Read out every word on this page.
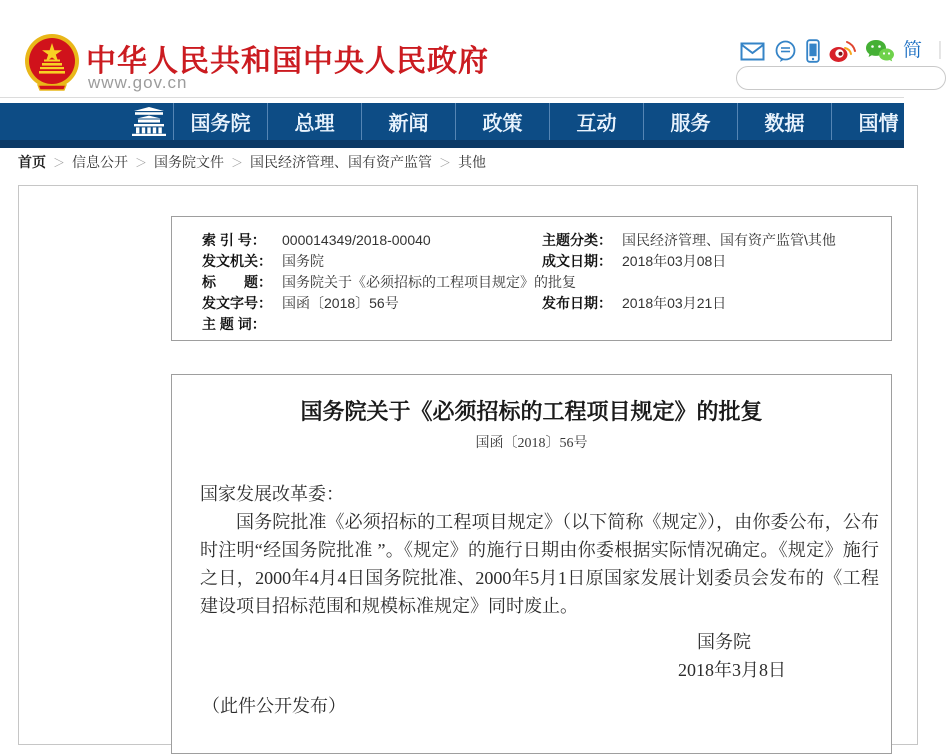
中华人民共和国中央人民政府
www.gov.cn
简 ｜
国务院	总理	新闻	政策	互动	服务	数据	国情
首页 ＞ 信息公开 ＞ 国务院文件 ＞ 国民经济管理、国有资产监管 ＞ 其他
索 引 号：	000014349/2018-00040	主题分类： 国民经济管理、国有资产监管\其他
发文机关： 国务院	成文日期： 2018年03月08日
标　　题： 国务院关于《必须招标的工程项目规定》的批复
发文字号： 国函〔2018〕56号	发布日期： 2018年03月21日
主 题 词：
国务院关于《必须招标的工程项目规定》的批复
国函〔2018〕56号

国家发展改革委：

国务院批准《必须招标的工程项目规定》（以下简称《规定》），由你委公布，公布时注明“经国务院批准 ”。《规定》的施行日期由你委根据实际情况确定。《规定》施行之日，2000年4月4日国务院批准、2000年5月1日原国家发展计划委员会发布的《工程建设项目招标范围和规模标准规定》同时废止。

国务院
2018年3月8日
（此件公开发布）
